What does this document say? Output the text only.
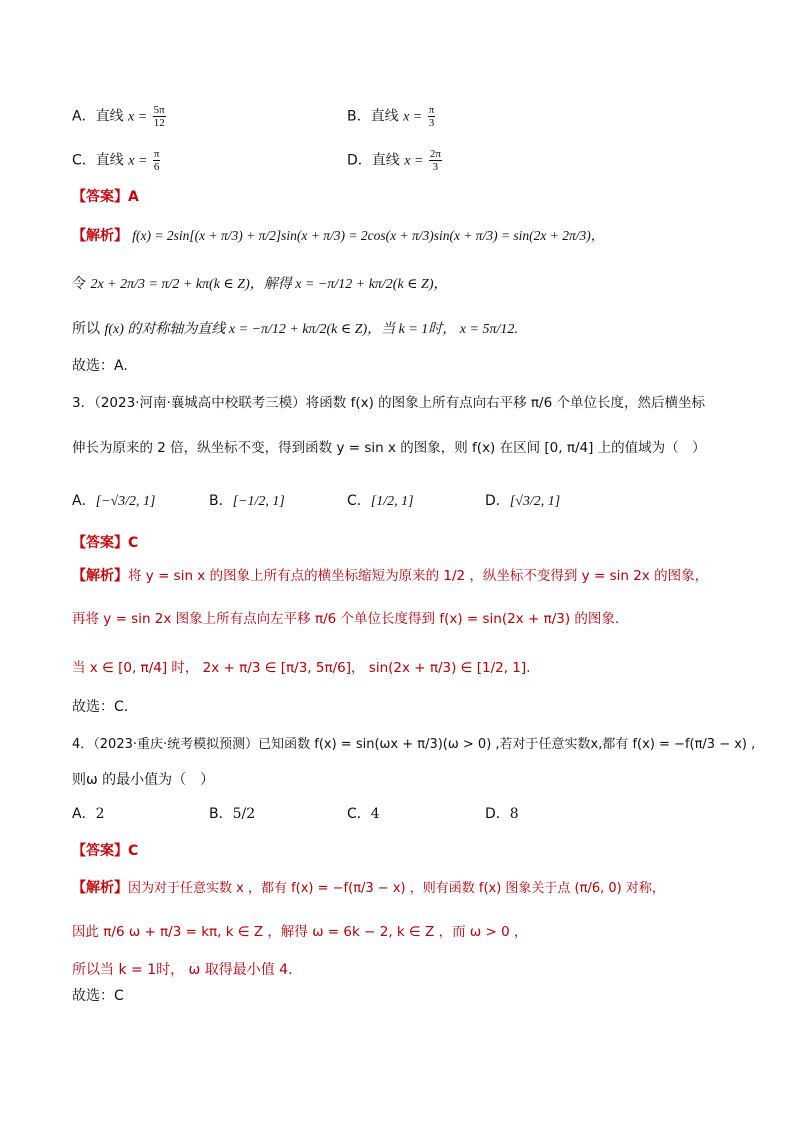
A．直线 $x = \frac{5\pi}{12}$	B．直线 $x = \frac{\pi}{3}$
C．直线 $x = \frac{\pi}{6}$	D．直线 $x = \frac{2\pi}{3}$
【答案】A
【解析】 f(x) = 2sin[(x + π/3) + π/2]sin(x + π/3) = 2cos(x + π/3)sin(x + π/3) = sin(2x + 2π/3)，
令 2x + 2π/3 = π/2 + kπ(k ∈ Z)，解得 x = −π/12 + kπ/2(k ∈ Z)，
所以 f(x) 的对称轴为直线 x = −π/12 + kπ/2(k ∈ Z)，当 k = 1时， x = 5π/12.
故选：A.
3．（2023·河南·襄城高中校联考三模）将函数 f(x) 的图象上所有点向右平移 π/6 个单位长度，然后横坐标
伸长为原来的 2 倍，纵坐标不变，得到函数 y = sin x 的图象，则 f(x) 在区间 [0, π/4] 上的值域为（　）
A．[−√3/2, 1]	B．[−1/2, 1]	C．[1/2, 1]	D．[√3/2, 1]
【答案】C
【解析】将 y = sin x 的图象上所有点的横坐标缩短为原来的 1/2 ，纵坐标不变得到 y = sin 2x 的图象，
再将 y = sin 2x 图象上所有点向左平移 π/6 个单位长度得到 f(x) = sin(2x + π/3) 的图象.
当 x ∈ [0, π/4] 时， 2x + π/3 ∈ [π/3, 5π/6]， sin(2x + π/3) ∈ [1/2, 1].
故选：C.
4．（2023·重庆·统考模拟预测）已知函数 f(x) = sin(ωx + π/3)(ω > 0) ,若对于任意实数x,都有 f(x) = −f(π/3 − x) ,
则ω 的最小值为（　）
A．2	B．5/2	C．4	D．8
【答案】C
【解析】因为对于任意实数 x ，都有 f(x) = −f(π/3 − x) ，则有函数 f(x) 图象关于点 (π/6, 0) 对称，
因此 π/6 ω + π/3 = kπ, k ∈ Z ，解得 ω = 6k − 2, k ∈ Z ，而 ω > 0 ，
所以当 k = 1时， ω 取得最小值 4.
故选：C
